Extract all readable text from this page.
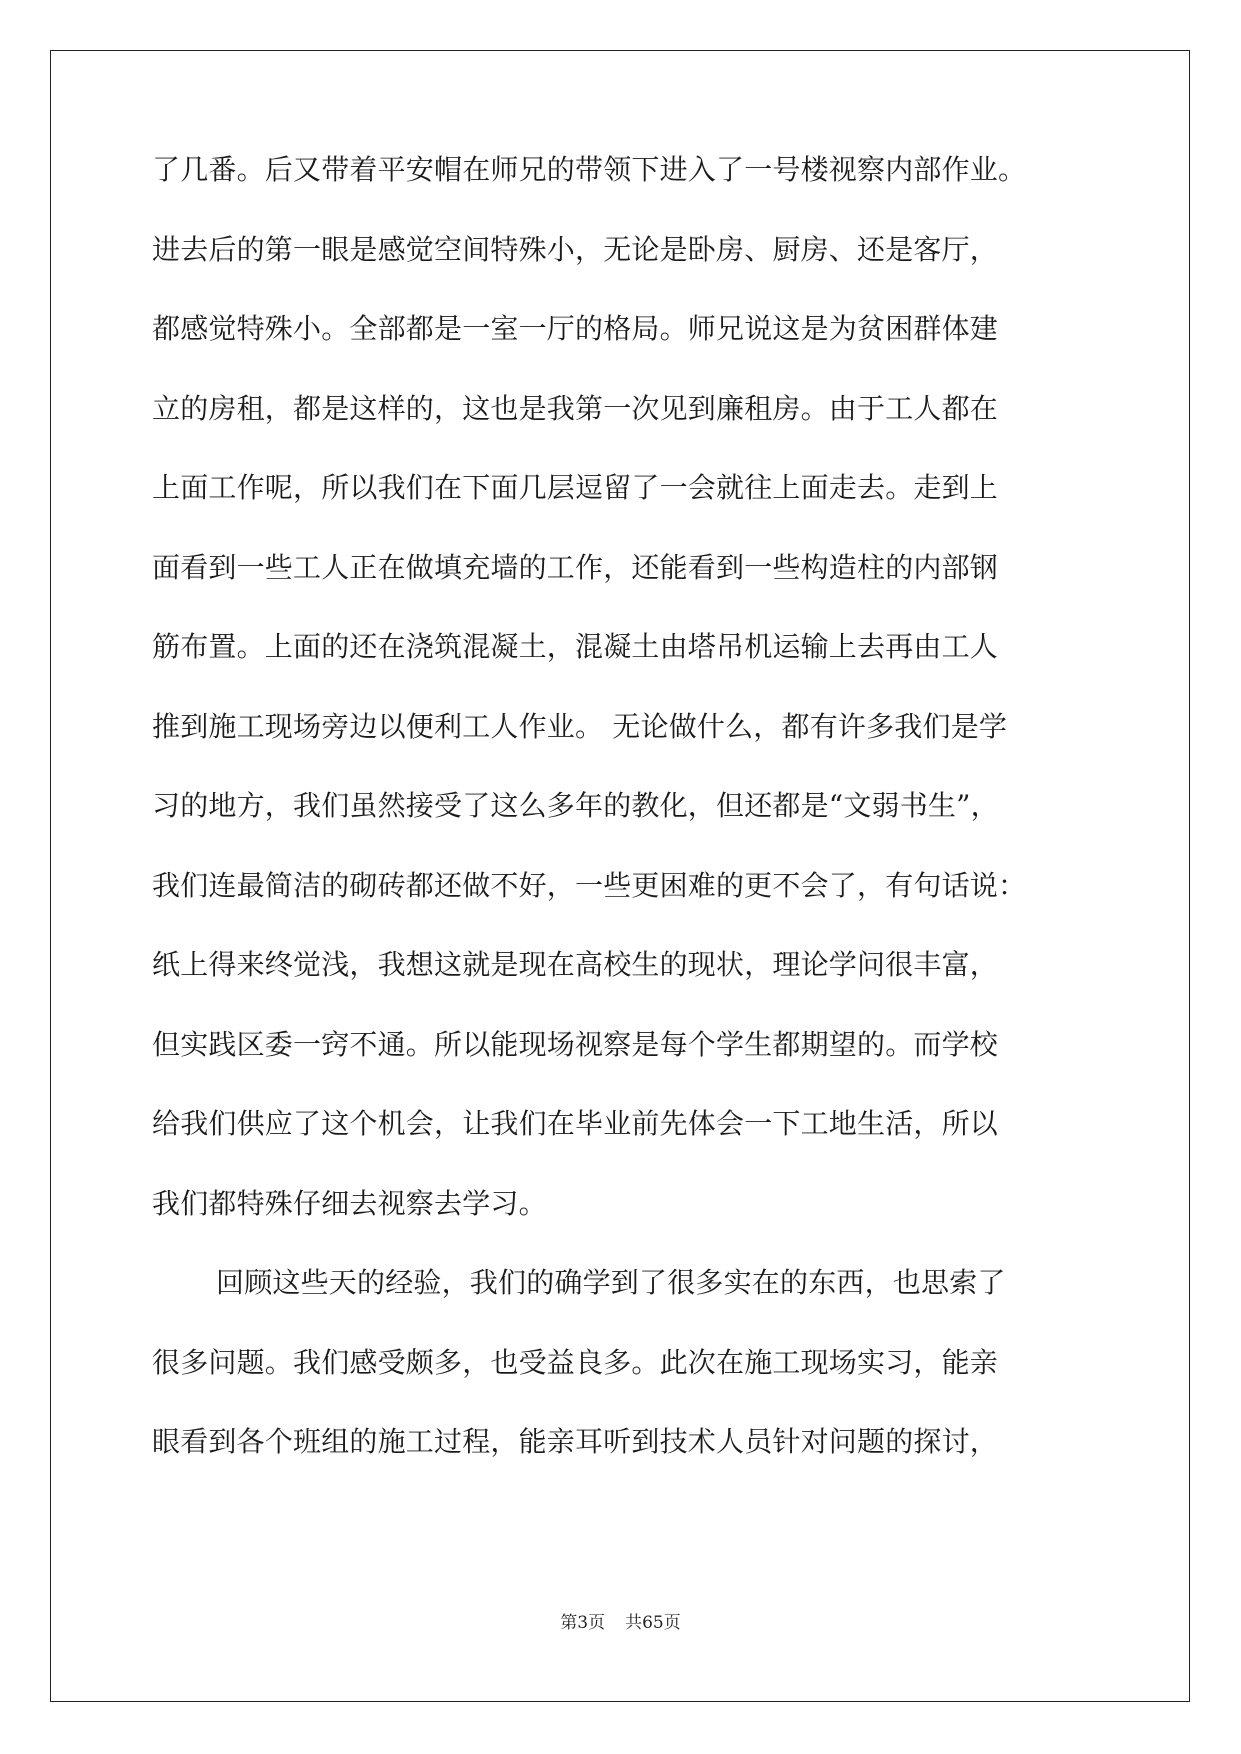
了几番。后又带着平安帽在师兄的带领下进入了一号楼视察内部作业。
进去后的第一眼是感觉空间特殊小，无论是卧房、厨房、还是客厅，
都感觉特殊小。全部都是一室一厅的格局。师兄说这是为贫困群体建
立的房租，都是这样的，这也是我第一次见到廉租房。由于工人都在
上面工作呢，所以我们在下面几层逗留了一会就往上面走去。走到上
面看到一些工人正在做填充墙的工作，还能看到一些构造柱的内部钢
筋布置。上面的还在浇筑混凝土，混凝土由塔吊机运输上去再由工人
推到施工现场旁边以便利工人作业。 无论做什么，都有许多我们是学
习的地方，我们虽然接受了这么多年的教化，但还都是“文弱书生”，
我们连最简洁的砌砖都还做不好，一些更困难的更不会了，有句话说：
纸上得来终觉浅，我想这就是现在高校生的现状，理论学问很丰富，
但实践区委一窍不通。所以能现场视察是每个学生都期望的。而学校
给我们供应了这个机会，让我们在毕业前先体会一下工地生活，所以
我们都特殊仔细去视察去学习。
回顾这些天的经验，我们的确学到了很多实在的东西，也思索了
很多问题。我们感受颇多，也受益良多。此次在施工现场实习，能亲
眼看到各个班组的施工过程，能亲耳听到技术人员针对问题的探讨，
第3页 共65页
